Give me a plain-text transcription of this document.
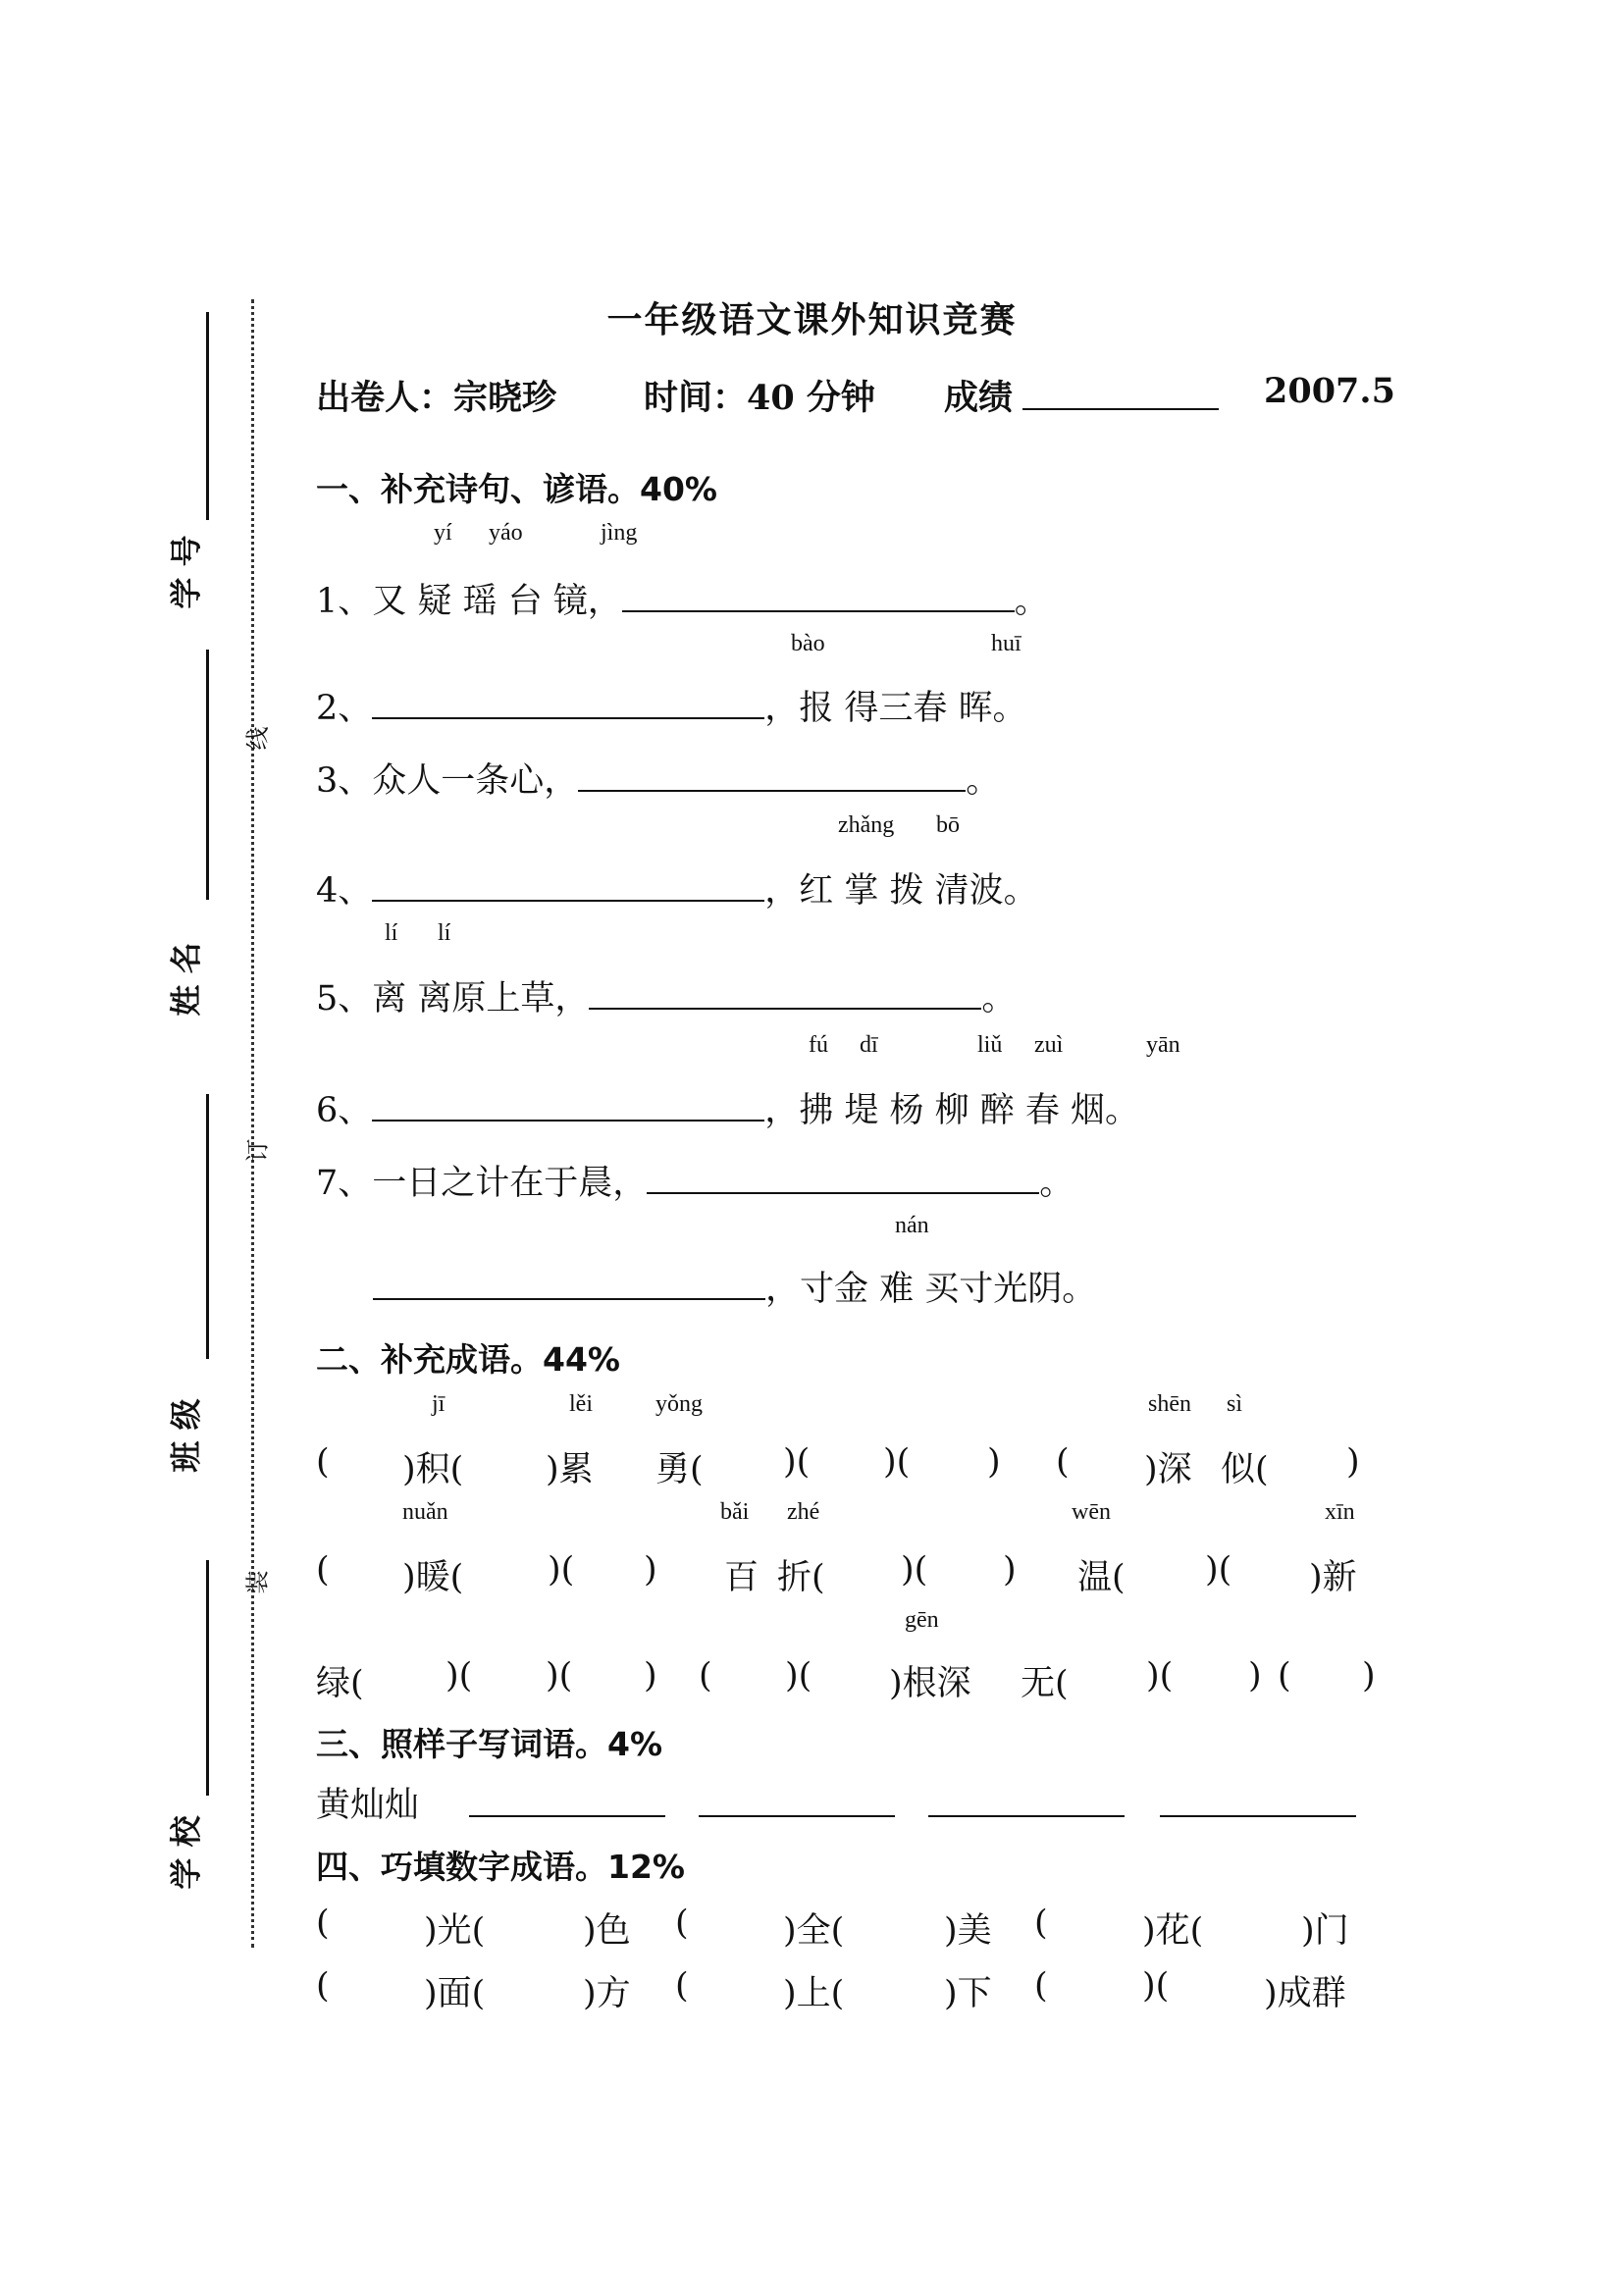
学 号
姓 名
班 级
学 校
线
订
装
一年级语文课外知识竞赛
出卷人：宗晓珍	时间：40 分钟 成绩	2007.5
一、补充诗句、谚语。40%
yí yáo	jìng
1、又 疑 瑶 台 镜，	。
bào	huī
2、	，报 得三春 晖。
3、众人一条心，	。
zhǎng bō
4、	，红 掌 拨 清波。
lí lí
5、离 离原上草，	。
fú dī	liǔ zuì	yān
6、	，拂 堤 杨 柳 醉 春 烟。
7、一日之计在于晨，	。
nán
，寸金 难 买寸光阴。
二、补充成语。44%
jī	lěi	yǒng	shēn sì
( )积( )累 勇( )( )( ) ( )深 似( )
nuǎn	bǎi zhé	wēn	xīn
( )暖( )( ) 百 折( )( ) 温( )( )新
gēn
绿( )( )( ) ( )( )根深 无( )( ) ( )
三、照样子写词语。4%
黄灿灿
四、巧填数字成语。12%
(	)光(	)色 (	)全(	)美 (	)花(	)门
(	)面(	)方 (	)上(	)下 (	)(	)成群
